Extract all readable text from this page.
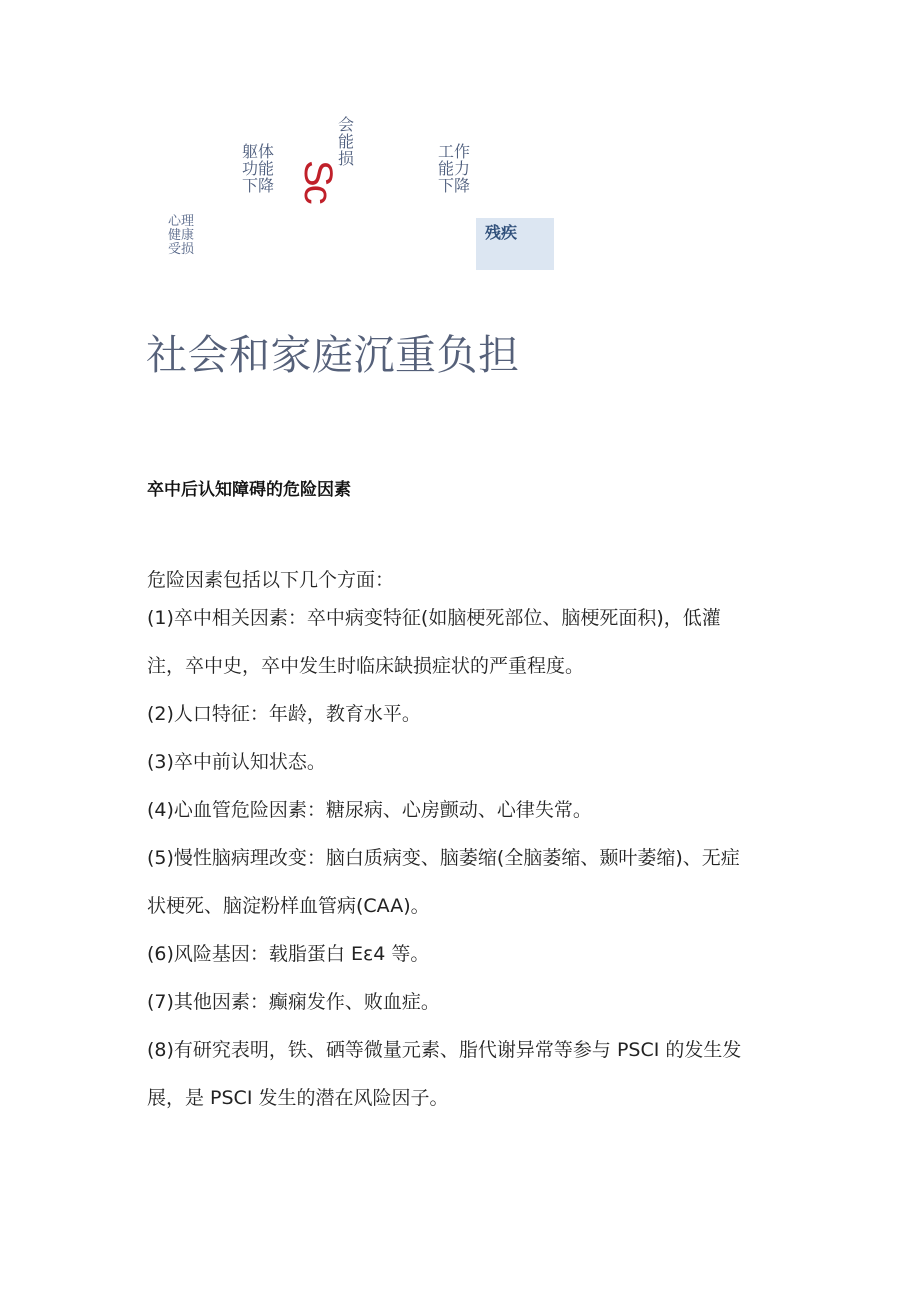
躯体
功能
下降
会
能
损
Sc
工作
能力
下降
心理
健康
受损
残疾
社会和家庭沉重负担
卒中后认知障碍的危险因素

危险因素包括以下几个方面：

(1)卒中相关因素：卒中病变特征(如脑梗死部位、脑梗死面积)，低灌

注，卒中史，卒中发生时临床缺损症状的严重程度。

(2)人口特征：年龄，教育水平。

(3)卒中前认知状态。

(4)心血管危险因素：糖尿病、心房颤动、心律失常。

(5)慢性脑病理改变：脑白质病变、脑萎缩(全脑萎缩、颞叶萎缩)、无症

状梗死、脑淀粉样血管病(CAA)。

(6)风险基因：载脂蛋白 Eε4 等。

(7)其他因素：癫痫发作、败血症。

(8)有研究表明，铁、硒等微量元素、脂代谢异常等参与 PSCI 的发生发

展，是 PSCI 发生的潜在风险因子。
